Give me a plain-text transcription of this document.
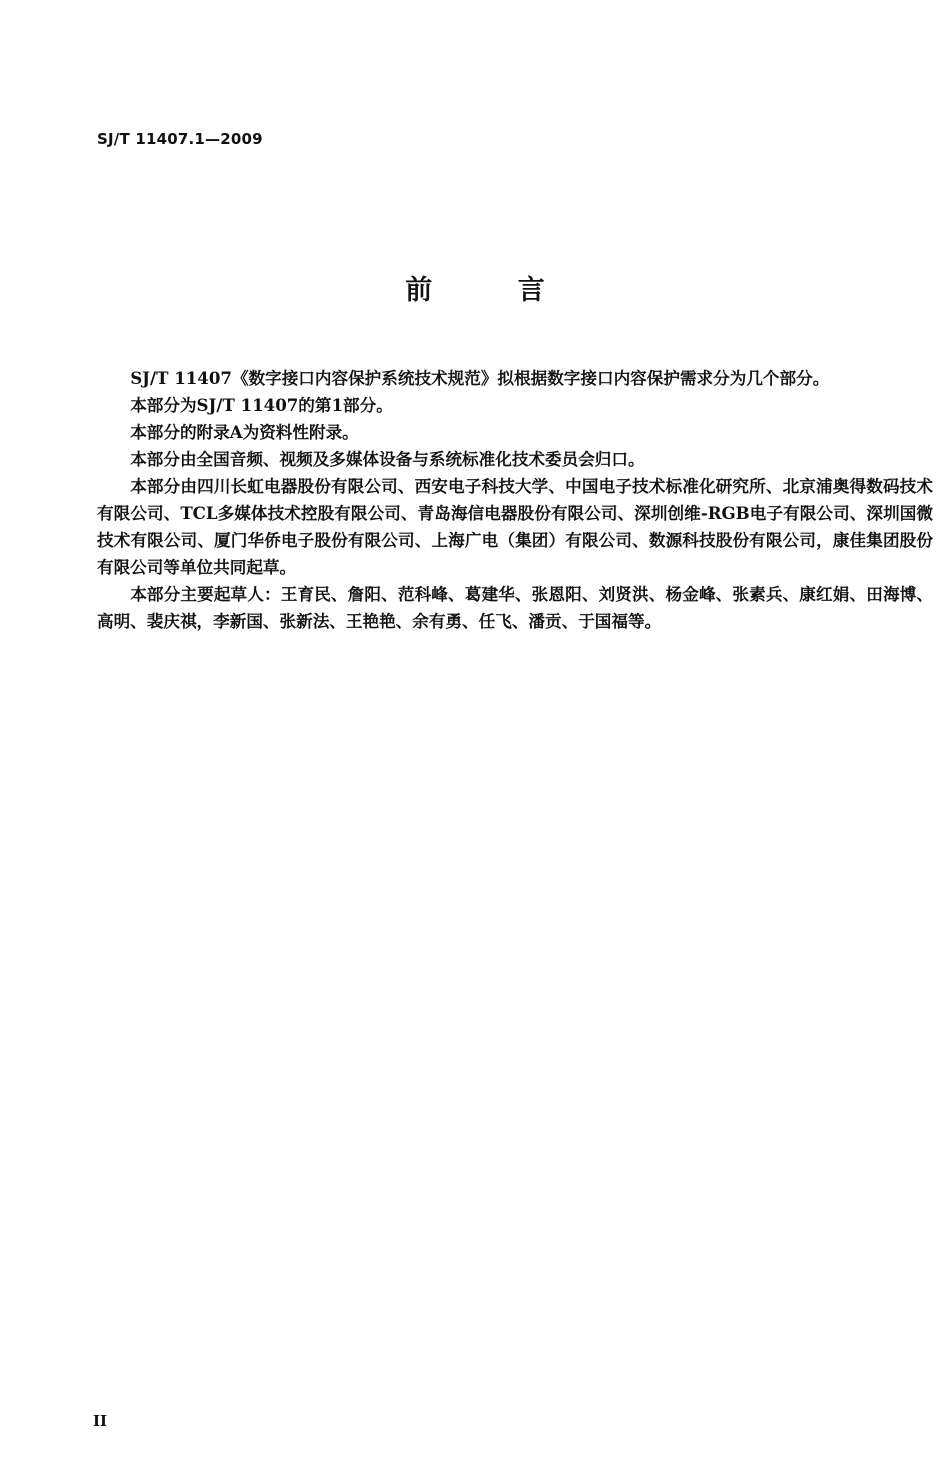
SJ/T 11407.1—2009
前 言

SJ/T 11407《数字接口内容保护系统技术规范》拟根据数字接口内容保护需求分为几个部分。

本部分为SJ/T 11407的第1部分。

本部分的附录A为资料性附录。

本部分由全国音频、视频及多媒体设备与系统标准化技术委员会归口。

本部分由四川长虹电器股份有限公司、西安电子科技大学、中国电子技术标准化研究所、北京浦奥得数码技术有限公司、TCL多媒体技术控股有限公司、青岛海信电器股份有限公司、深圳创维-RGB电子有限公司、深圳国微技术有限公司、厦门华侨电子股份有限公司、上海广电（集团）有限公司、数源科技股份有限公司，康佳集团股份有限公司等单位共同起草。

本部分主要起草人：王育民、詹阳、范科峰、葛建华、张恩阳、刘贤洪、杨金峰、张素兵、康红娟、田海博、高明、裴庆祺，李新国、张新法、王艳艳、余有勇、任飞、潘贡、于国福等。

II
